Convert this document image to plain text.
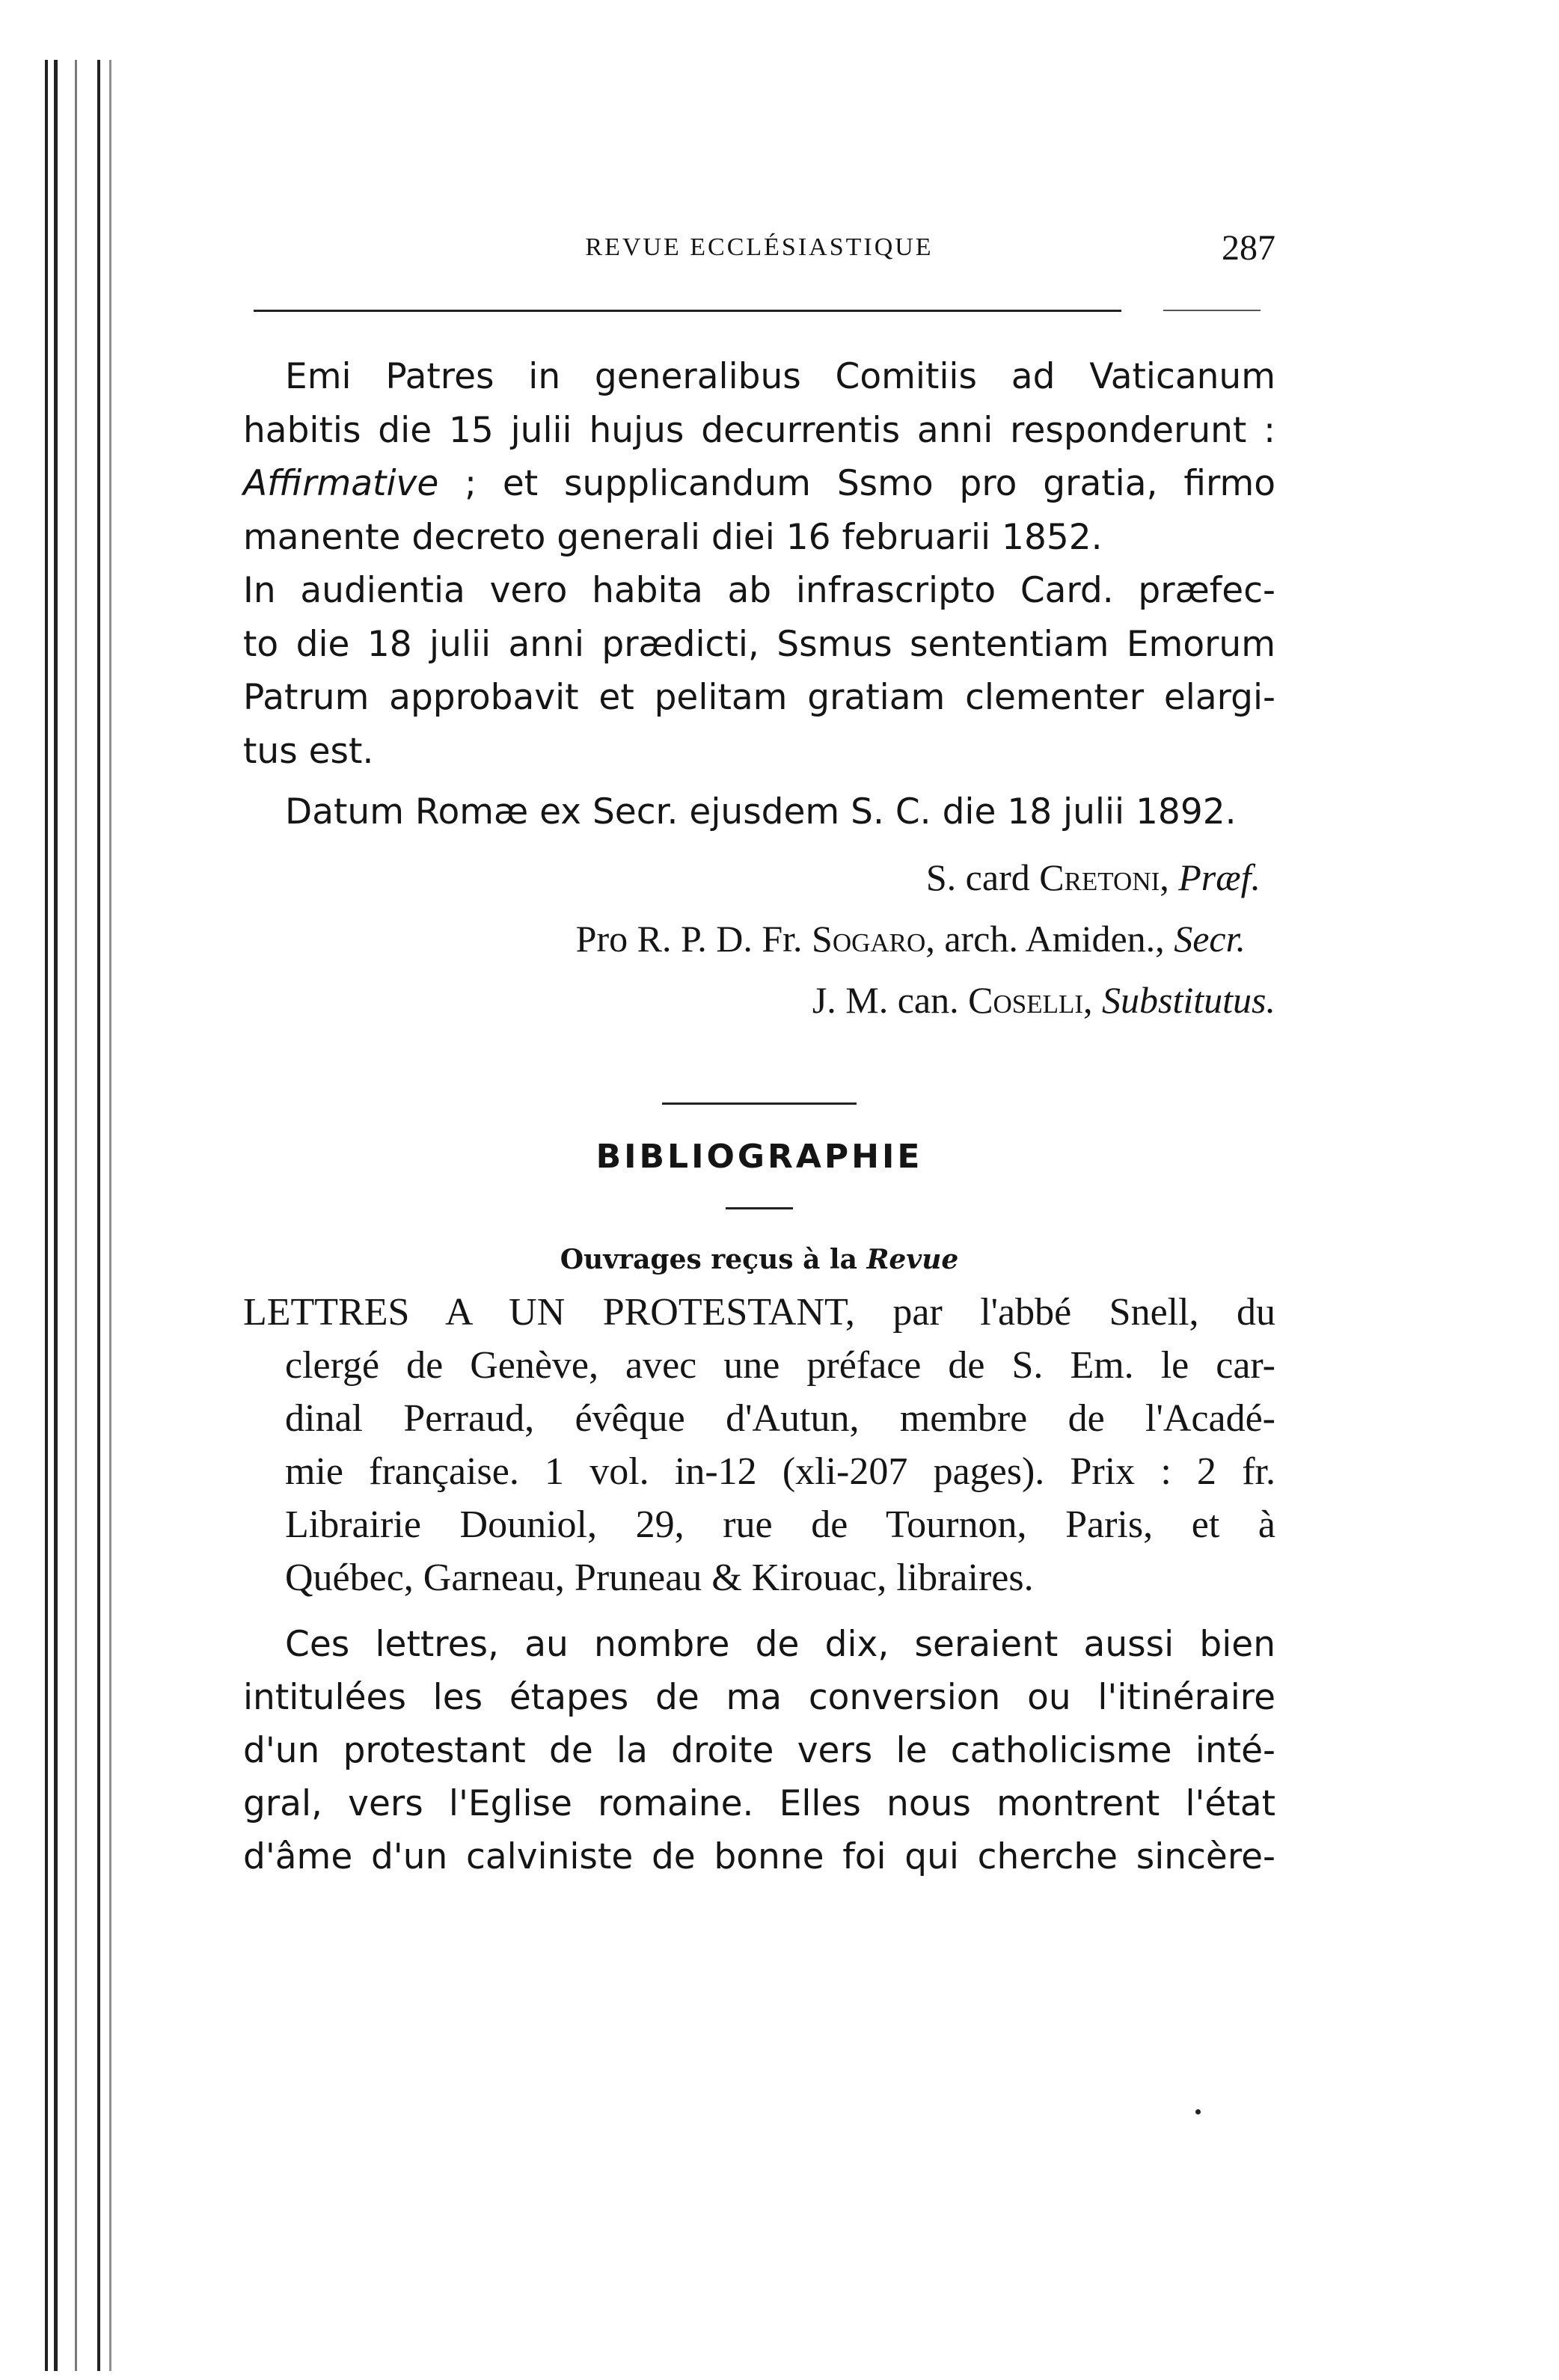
REVUE ECCLÉSIASTIQUE	287

Emi Patres in generalibus Comitiis ad Vaticanum
habitis die 15 julii hujus decurrentis anni responderunt :
Affirmative ; et supplicandum Ssmo pro gratia, firmo
manente decreto generali diei 16 februarii 1852.

In audientia vero habita ab infrascripto Card. præfec-
to die 18 julii anni prædicti, Ssmus sententiam Emorum
Patrum approbavit et pelitam gratiam clementer elargi-
tus est.

Datum Romæ ex Secr. ejusdem S. C. die 18 julii 1892.

S. card Cretoni, Præf.
Pro R. P. D. Fr. Sogaro, arch. Amiden., Secr.
J. M. can. Coselli, Substitutus.
BIBLIOGRAPHIE
Ouvrages reçus à la Revue
LETTRES A UN PROTESTANT, par l'abbé Snell, du
clergé de Genève, avec une préface de S. Em. le car-
dinal Perraud, évêque d'Autun, membre de l'Acadé-
mie française. 1 vol. in-12 (xli-207 pages). Prix : 2 fr.
Librairie Douniol, 29, rue de Tournon, Paris, et à
Québec, Garneau, Pruneau & Kirouac, libraires.
Ces lettres, au nombre de dix, seraient aussi bien
intitulées les étapes de ma conversion ou l'itinéraire
d'un protestant de la droite vers le catholicisme inté-
gral, vers l'Eglise romaine. Elles nous montrent l'état
d'âme d'un calviniste de bonne foi qui cherche sincère-
